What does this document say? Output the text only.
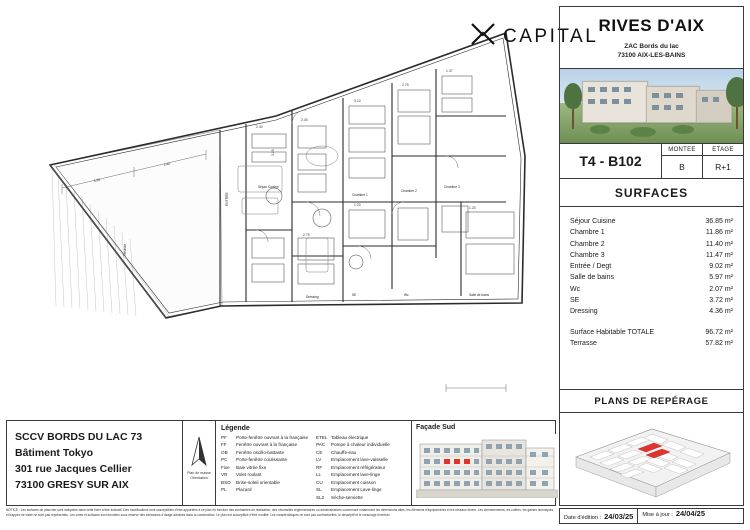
4.85
4.40
ENTRÉE
3.05
2.40
3.10
2.75
1.37
1.20
1.20
2.40
2.75
Séjour Cuisine
Chambre 1
Chambre 2
Chambre 3
Dressing	SE	Wc	Salle de bains
Terrasse
CAPITAL
RIVES D'AIX
ZAC Bords du lac
73100 AIX-LES-BAINS
T4 - B102
MONTEE
B
ETAGE
R+1
SURFACES
Séjour Cuisine	36.85 m²
Chambre 1	11.86 m²
Chambre 2	11.40 m²
Chambre 3	11.47 m²
Entrée / Degt	9.02 m²
Salle de bains	5.97 m²
Wc	2.07 m²
SE	3.72 m²
Dressing	4.36 m²
Surface Habitable TOTALE	96.72 m²
Terrasse	57.82 m²
PLANS DE REPÉRAGE
SCCV BORDS DU LAC 73
Bâtiment Tokyo
301 rue Jacques Cellier
73100 GRESY SUR AIX
Plan de masse
Orientation
Légende
PF	Porte-fenêtre ouvrant à la française
FF	Fenêtre ouvrant à la française
OB	Fenêtre oscillo-battante
PC	Porte-fenêtre coulissante
Fixe	Baie vitrée fixe
VR	Volet roulant
BSO	Brise-soleil orientable
PL	Placard
ETEL Tableau électrique
PAC	Pompe à chaleur individuelle
CE	Chauffe-eau
LV	Emplacement lave-vaisselle
RF	Emplacement réfrigérateur
LL	Emplacement lave-linge
CU	Emplacement cuisson
SL	Emplacement Lave-linge
SL2	Sèche-serviette
Façade Sud
NOTICE : Les surfaces de plancher sont indiquées dans cette fiche à titre indicatif. Des modifications sont susceptibles d'être apportées à ce plan en fonction des contraintes de réalisation, des nécessités réglementaires ou administratives concernant notamment les dimensions dites, les éléments d'équipements et les réseaux divers. Les cheminements, les coffres, les gaines techniques et trappes de visite ne sont pas représentés. Les cotes et surfaces sont données sous réserve des tolérances d'usage admises dans la construction. Le plan est susceptible d'être modifié. Les caractéristiques ne sont pas contractuelles, le descriptif et le mesurage éventuel.	Date d'édition : 24/03/25 Mise à jour : 24/04/25
